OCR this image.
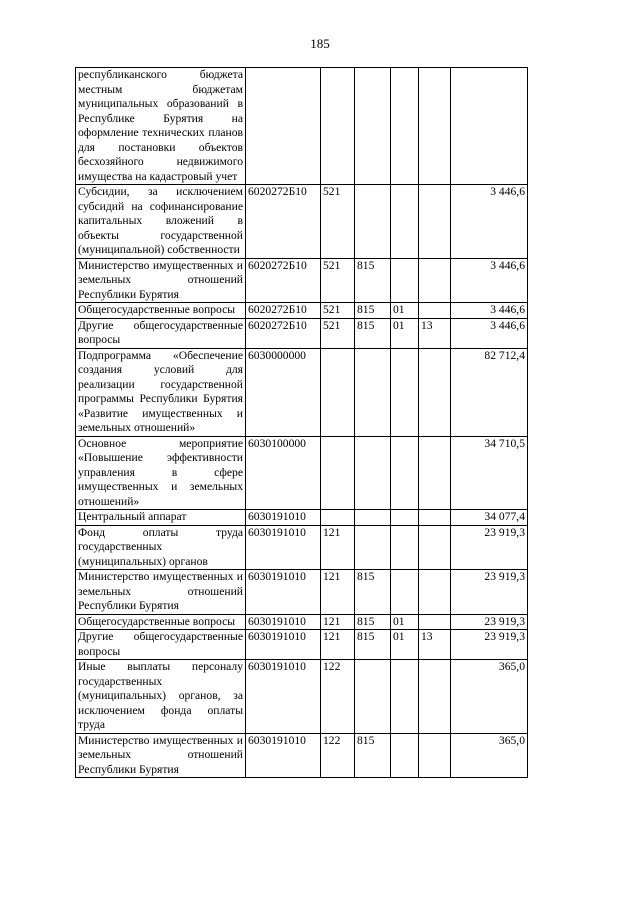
185
республиканского бюджета местным бюджетам муниципальных образований в Республике Бурятия на оформление технических планов для постановки объектов бесхозяйного недвижимого имущества на кадастровый учет						
Субсидии, за исключением субсидий на софинансирование капитальных вложений в объекты государственной (муниципальной) собственности	6020272Б10	521				3 446,6
Министерство имущественных и земельных отношений Республики Бурятия	6020272Б10	521	815			3 446,6
Общегосударственные вопросы	6020272Б10	521	815	01		3 446,6
Другие общегосударственные вопросы	6020272Б10	521	815	01	13	3 446,6
Подпрограмма «Обеспечение создания условий для реализации государственной программы Республики Бурятия «Развитие имущественных и земельных отношений»	6030000000					82 712,4
Основное мероприятие «Повышение эффективности управления в сфере имущественных и земельных отношений»	6030100000					34 710,5
Центральный аппарат	6030191010					34 077,4
Фонд оплаты труда государственных (муниципальных) органов	6030191010	121				23 919,3
Министерство имущественных и земельных отношений Республики Бурятия	6030191010	121	815			23 919,3
Общегосударственные вопросы	6030191010	121	815	01		23 919,3
Другие общегосударственные вопросы	6030191010	121	815	01	13	23 919,3
Иные выплаты персоналу государственных (муниципальных) органов, за исключением фонда оплаты труда	6030191010	122				365,0
Министерство имущественных и земельных отношений Республики Бурятия	6030191010	122	815			365,0
